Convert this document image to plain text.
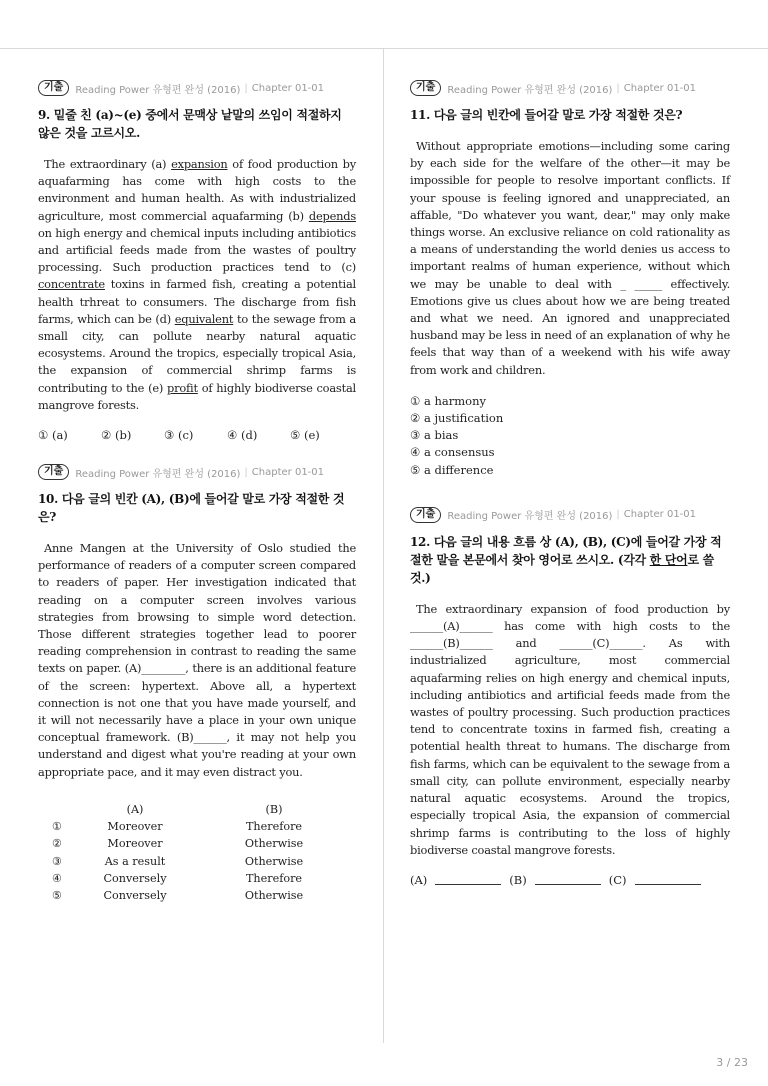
기출	Reading Power 유형편 완성 (2016) | Chapter 01-01
9. 밑줄 친 (a)~(e) 중에서 문맥상 낱말의 쓰임이 적절하지 않은 것을 고르시오.
The extraordinary (a) expansion of food production by aquafarming has come with high costs to the environment and human health. As with industrialized agriculture, most commercial aquafarming (b) depends on high energy and chemical inputs including antibiotics and artificial feeds made from the wastes of poultry processing. Such production practices tend to (c) concentrate toxins in farmed fish, creating a potential health trhreat to consumers. The discharge from fish farms, which can be (d) equivalent to the sewage from a small city, can pollute nearby natural aquatic ecosystems. Around the tropics, especially tropical Asia, the expansion of commercial shrimp farms is contributing to the (e) profit of highly biodiverse coastal mangrove forests.
① (a)	② (b)	③ (c)	④ (d)	⑤ (e)
기출	Reading Power 유형편 완성 (2016) | Chapter 01-01
10. 다음 글의 빈칸 (A), (B)에 들어갈 말로 가장 적절한 것은?
Anne Mangen at the University of Oslo studied the performance of readers of a computer screen compared to readers of paper. Her investigation indicated that reading on a computer screen involves various strategies from browsing to simple word detection. Those different strategies together lead to poorer reading comprehension in contrast to reading the same texts on paper. (A)________, there is an additional feature of the screen: hypertext. Above all, a hypertext connection is not one that you have made yourself, and it will not necessarily have a place in your own unique conceptual framework. (B)______, it may not help you understand and digest what you're reading at your own appropriate pace, and it may even distract you.
(A)	(B)
①	Moreover	Therefore
②	Moreover	Otherwise
③	As a result	Otherwise
④	Conversely	Therefore
⑤	Conversely	Otherwise
기출	Reading Power 유형편 완성 (2016) | Chapter 01-01
11. 다음 글의 빈칸에 들어갈 말로 가장 적절한 것은?
Without appropriate emotions—including some caring by each side for the welfare of the other—it may be impossible for people to resolve important conflicts. If your spouse is feeling ignored and unappreciated, an affable, "Do whatever you want, dear," may only make things worse. An exclusive reliance on cold rationality as a means of understanding the world denies us access to important realms of human experience, without which we may be unable to deal with _ _____ effectively. Emotions give us clues about how we are being treated and what we need. An ignored and unappreciated husband may be less in need of an explanation of why he feels that way than of a weekend with his wife away from work and children.
① a harmony
② a justification
③ a bias
④ a consensus
⑤ a difference
기출	Reading Power 유형편 완성 (2016) | Chapter 01-01
12. 다음 글의 내용 흐름 상 (A), (B), (C)에 들어갈 가장 적절한 말을 본문에서 찾아 영어로 쓰시오. (각각 한 단어로 쓸 것.)
The extraordinary expansion of food production by ______(A)______ has come with high costs to the ______(B)______ and ______(C)______. As with industrialized agriculture, most commercial aquafarming relies on high energy and chemical inputs, including antibiotics and artificial feeds made from the wastes of poultry processing. Such production practices tend to concentrate toxins in farmed fish, creating a potential health threat to humans. The discharge from fish farms, which can be equivalent to the sewage from a small city, can pollute environment, especially nearby natural aquatic ecosystems. Around the tropics, especially tropical Asia, the expansion of commercial shrimp farms is contributing to the loss of highly biodiverse coastal mangrove forests.
(A)	(B)	(C)
3 / 23
